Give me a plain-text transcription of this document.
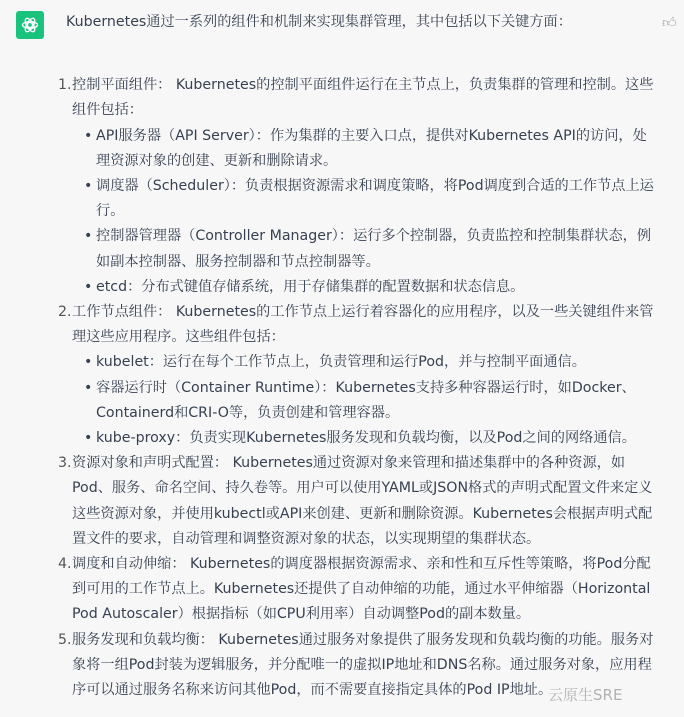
👍︎

Kubernetes通过一系列的组件和机制来实现集群管理，其中包括以下关键方面：

1. 控制平面组件： Kubernetes的控制平面组件运行在主节点上，负责集群的管理和控制。这些组件包括：
• API服务器（API Server）：作为集群的主要入口点，提供对Kubernetes API的访问，处理资源对象的创建、更新和删除请求。
• 调度器（Scheduler）：负责根据资源需求和调度策略，将Pod调度到合适的工作节点上运行。
• 控制器管理器（Controller Manager）：运行多个控制器，负责监控和控制集群状态，例如副本控制器、服务控制器和节点控制器等。
• etcd：分布式键值存储系统，用于存储集群的配置数据和状态信息。
2. 工作节点组件： Kubernetes的工作节点上运行着容器化的应用程序，以及一些关键组件来管理这些应用程序。这些组件包括：
• kubelet：运行在每个工作节点上，负责管理和运行Pod，并与控制平面通信。
• 容器运行时（Container Runtime）：Kubernetes支持多种容器运行时，如Docker、Containerd和CRI-O等，负责创建和管理容器。
• kube-proxy：负责实现Kubernetes服务发现和负载均衡，以及Pod之间的网络通信。
3. 资源对象和声明式配置： Kubernetes通过资源对象来管理和描述集群中的各种资源，如Pod、服务、命名空间、持久卷等。用户可以使用YAML或JSON格式的声明式配置文件来定义这些资源对象，并使用kubectl或API来创建、更新和删除资源。Kubernetes会根据声明式配置文件的要求，自动管理和调整资源对象的状态，以实现期望的集群状态。
4. 调度和自动伸缩： Kubernetes的调度器根据资源需求、亲和性和互斥性等策略，将Pod分配到可用的工作节点上。Kubernetes还提供了自动伸缩的功能，通过水平伸缩器（Horizontal Pod Autoscaler）根据指标（如CPU利用率）自动调整Pod的副本数量。
5. 服务发现和负载均衡： Kubernetes通过服务对象提供了服务发现和负载均衡的功能。服务对象将一组Pod封装为逻辑服务，并分配唯一的虚拟IP地址和DNS名称。通过服务对象，应用程序可以通过服务名称来访问其他Pod，而不需要直接指定具体的Pod IP地址。
云原生SRE
